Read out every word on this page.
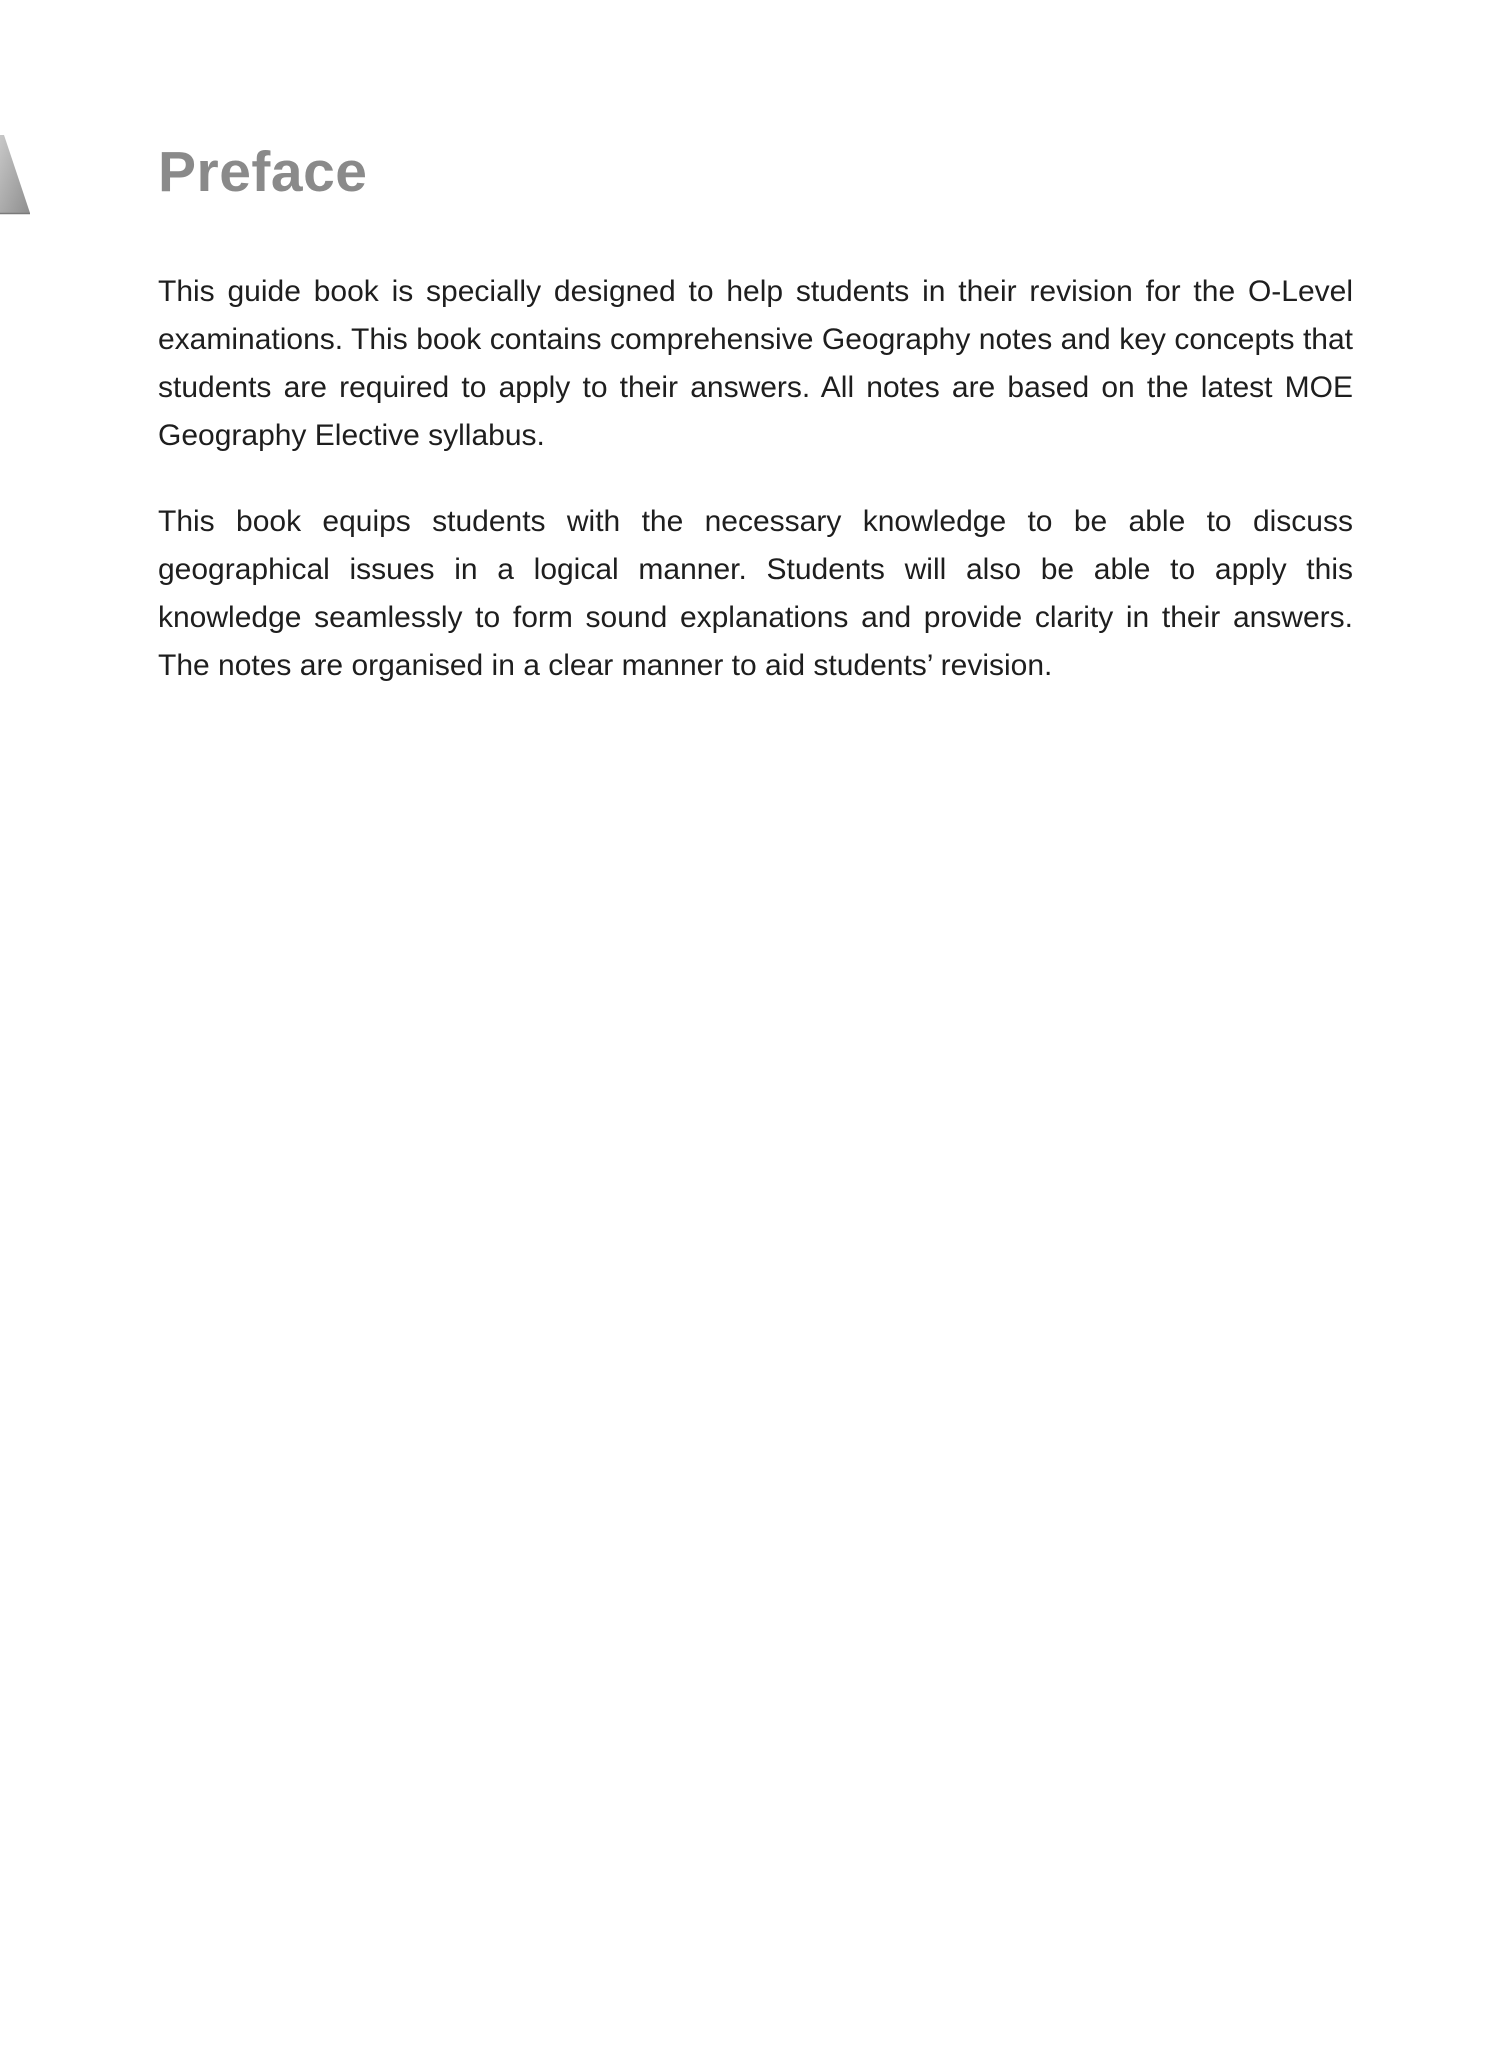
Preface

This guide book is specially designed to help students in their revision for the O-Level examinations. This book contains comprehensive Geography notes and key concepts that students are required to apply to their answers. All notes are based on the latest MOE Geography Elective syllabus.

This book equips students with the necessary knowledge to be able to discuss geographical issues in a logical manner. Students will also be able to apply this knowledge seamlessly to form sound explanations and provide clarity in their answers. The notes are organised in a clear manner to aid students’ revision.
